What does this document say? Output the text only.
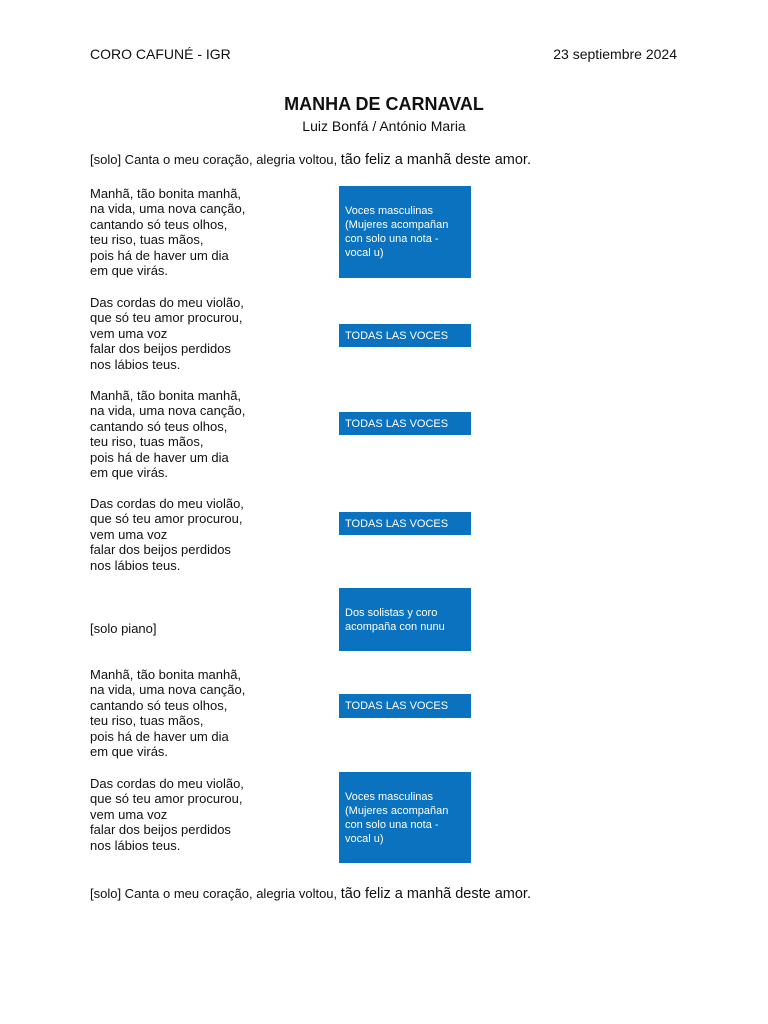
CORO CAFUNÉ - IGR	23 septiembre 2024
MANHA DE CARNAVAL
Luiz Bonfá / António Maria
[solo] Canta o meu coração, alegria voltou, tão feliz a manhã deste amor.
Manhã, tão bonita manhã,
na vida, uma nova canção,
cantando só teus olhos,
teu riso, tuas mãos,
pois há de haver um dia
em que virás.
Voces masculinas
(Mujeres acompañan
con solo una nota -
vocal u)
Das cordas do meu violão,
que só teu amor procurou,
vem uma voz
falar dos beijos perdidos
nos lábios teus.
TODAS LAS VOCES
Manhã, tão bonita manhã,
na vida, uma nova canção,
cantando só teus olhos,
teu riso, tuas mãos,
pois há de haver um dia
em que virás.
TODAS LAS VOCES
Das cordas do meu violão,
que só teu amor procurou,
vem uma voz
falar dos beijos perdidos
nos lábios teus.
TODAS LAS VOCES
[solo piano]
Dos solistas y coro
acompaña con nunu
Manhã, tão bonita manhã,
na vida, uma nova canção,
cantando só teus olhos,
teu riso, tuas mãos,
pois há de haver um dia
em que virás.
TODAS LAS VOCES
Das cordas do meu violão,
que só teu amor procurou,
vem uma voz
falar dos beijos perdidos
nos lábios teus.
Voces masculinas
(Mujeres acompañan
con solo una nota -
vocal u)
[solo] Canta o meu coração, alegria voltou, tão feliz a manhã deste amor.
